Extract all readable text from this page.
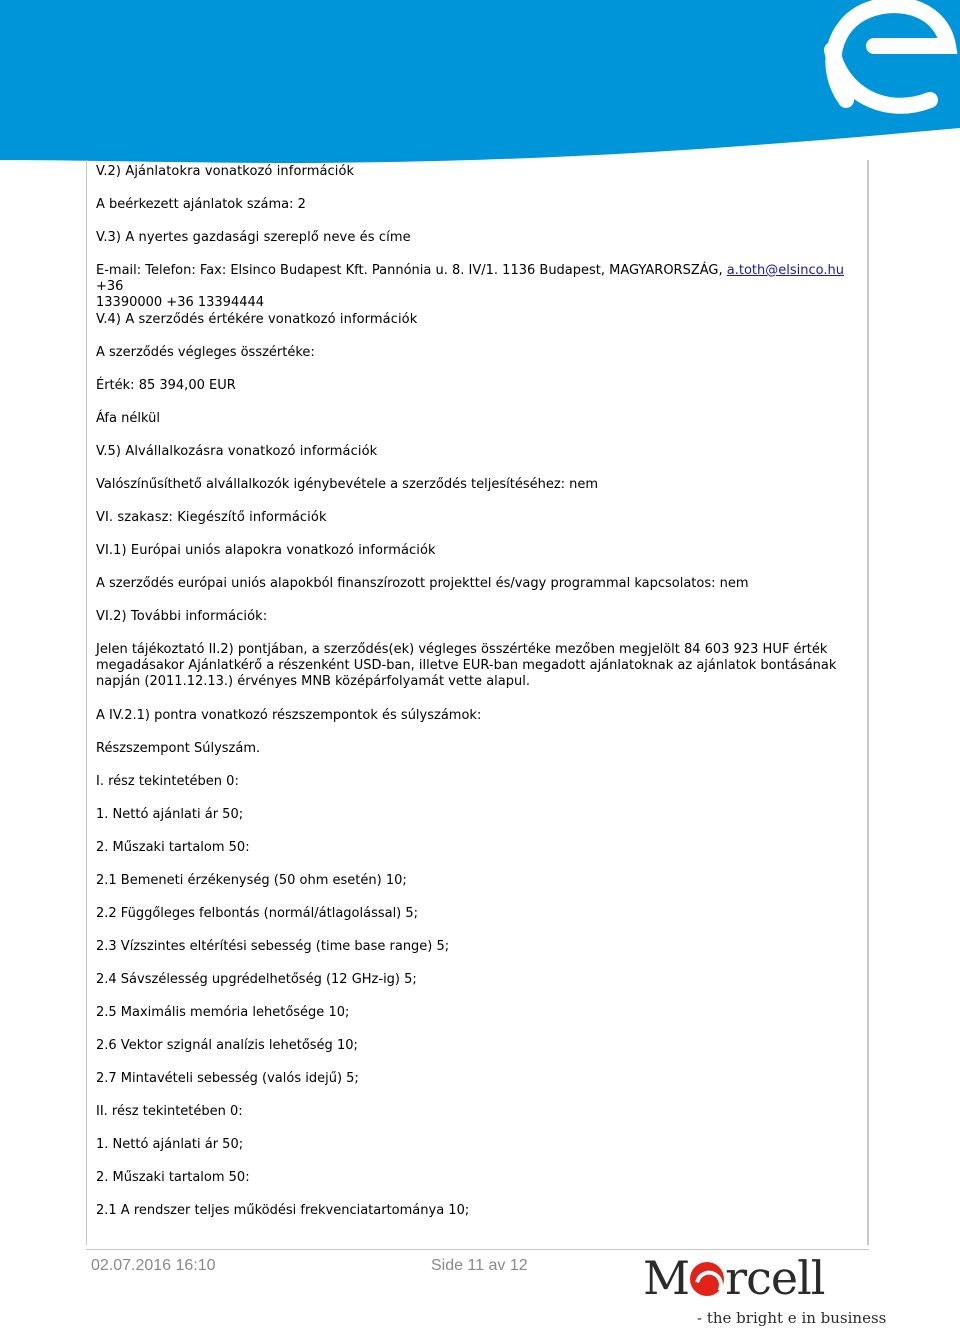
V.2) Ajánlatokra vonatkozó információk
A beérkezett ajánlatok száma: 2
V.3) A nyertes gazdasági szereplő neve és címe
E-mail: Telefon: Fax: Elsinco Budapest Kft. Pannónia u. 8. IV/1. 1136 Budapest, MAGYARORSZÁG, a.toth@elsinco.hu +36
13390000 +36 13394444
V.4) A szerződés értékére vonatkozó információk
A szerződés végleges összértéke:
Érték: 85 394,00 EUR
Áfa nélkül
V.5) Alvállalkozásra vonatkozó információk
Valószínűsíthető alvállalkozók igénybevétele a szerződés teljesítéséhez: nem
VI. szakasz: Kiegészítő információk
VI.1) Európai uniós alapokra vonatkozó információk
A szerződés európai uniós alapokból finanszírozott projekttel és/vagy programmal kapcsolatos: nem
VI.2) További információk:
Jelen tájékoztató II.2) pontjában, a szerződés(ek) végleges összértéke mezőben megjelölt 84 603 923 HUF érték megadásakor Ajánlatkérő a részenként USD-ban, illetve EUR-ban megadott ajánlatoknak az ajánlatok bontásának napján (2011.12.13.) érvényes MNB középárfolyamát vette alapul.
A IV.2.1) pontra vonatkozó részszempontok és súlyszámok:
Részszempont Súlyszám.
I. rész tekintetében 0:
1. Nettó ajánlati ár 50;
2. Műszaki tartalom 50:
2.1 Bemeneti érzékenység (50 ohm esetén) 10;
2.2 Függőleges felbontás (normál/átlagolással) 5;
2.3 Vízszintes eltérítési sebesség (time base range) 5;
2.4 Sávszélesség upgrédelhetőség (12 GHz-ig) 5;
2.5 Maximális memória lehetősége 10;
2.6 Vektor szignál analízis lehetőség 10;
2.7 Mintavételi sebesség (valós idejű) 5;
II. rész tekintetében 0:
1. Nettó ajánlati ár 50;
2. Műszaki tartalom 50:
2.1 A rendszer teljes működési frekvenciatartománya 10;
02.07.2016 16:10	Side 11 av 12	M rcell
- the bright e in business
